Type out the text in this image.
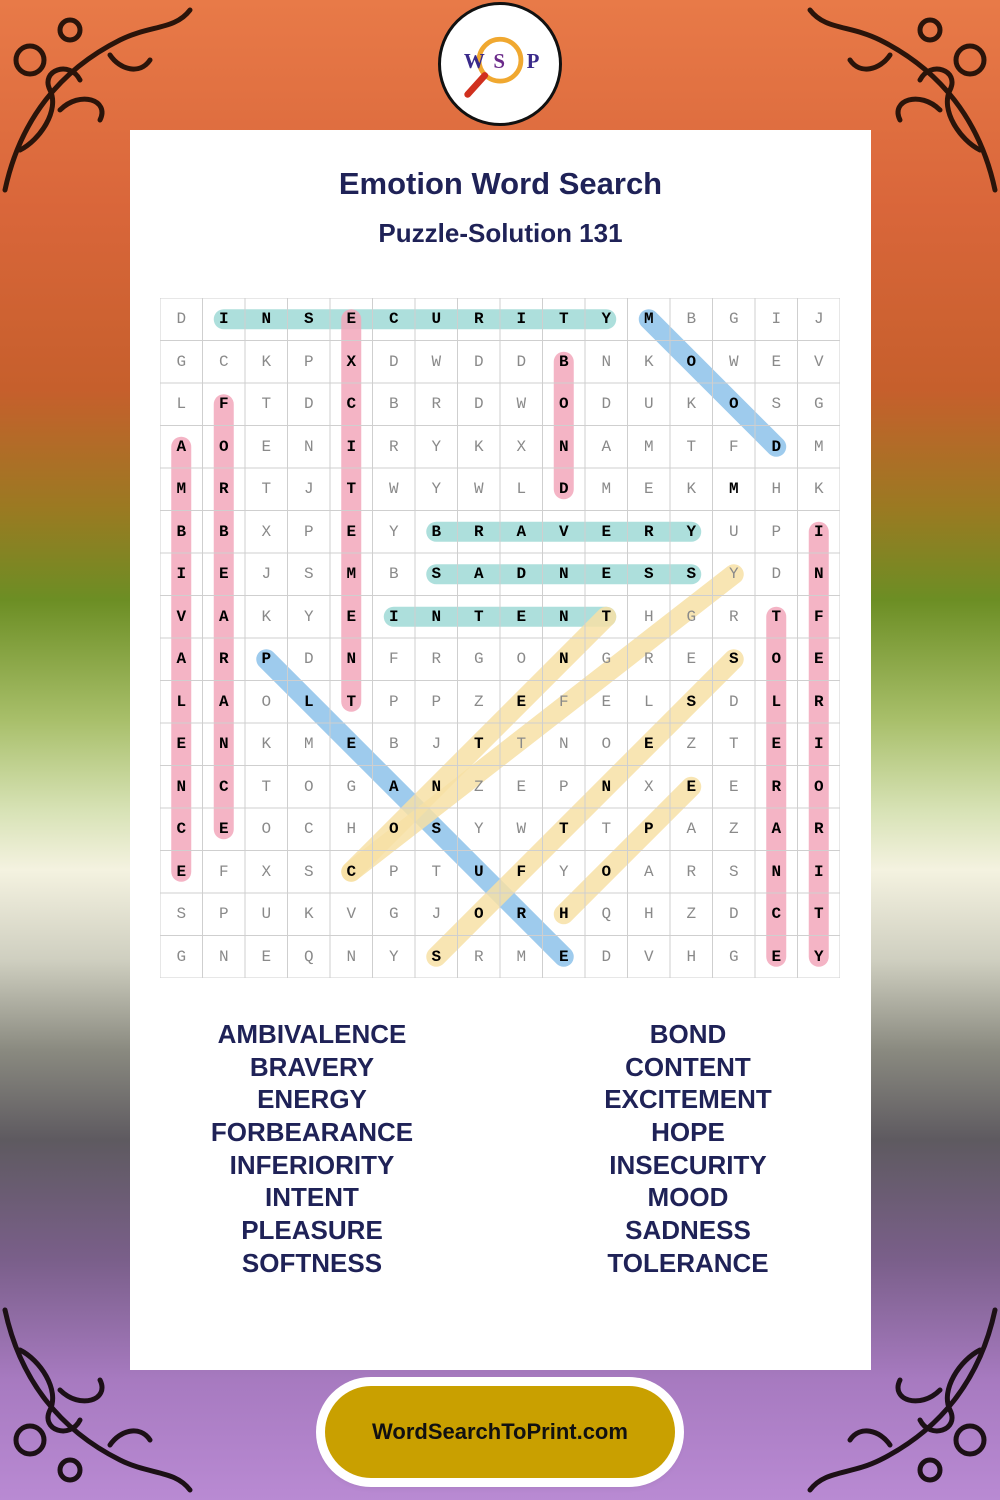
W S P
Emotion Word Search
Puzzle-Solution 131
D	I	N	S	E	C	U	R	I	T	Y	M	B	G	I	J
G	C	K	P	X	D	W	D	D	B	N	K	O	W	E	V
L	F	T	D	C	B	R	D	W	O	D	U	K	O	S	G
A	O	E	N	I	R	Y	K	X	N	A	M	T	F	D	M
M	R	T	J	T	W	Y	W	L	D	M	E	K	M	H	K
B	B	X	P	E	Y	B	R	A	V	E	R	Y	U	P	I
I	E	J	S	M	B	S	A	D	N	E	S	S	Y	D	N
V	A	K	Y	E	I	N	T	E	N	T	H	G	R	T	F
A	R	P	D	N	F	R	G	O	N	G	R	E	S	O	E
L	A	O	L	T	P	P	Z	E	F	E	L	S	D	L	R
E	N	K	M	E	B	J	T	T	N	O	E	Z	T	E	I
N	C	T	O	G	A	N	Z	E	P	N	X	E	E	R	O
C	E	O	C	H	O	S	Y	W	T	T	P	A	Z	A	R
E	F	X	S	C	P	T	U	F	Y	O	A	R	S	N	I
S	P	U	K	V	G	J	O	R	H	Q	H	Z	D	C	T
G	N	E	Q	N	Y	S	R	M	E	D	V	H	G	E	Y
AMBIVALENCE
BRAVERY
ENERGY
FORBEARANCE
INFERIORITY
INTENT
PLEASURE
SOFTNESS
BOND
CONTENT
EXCITEMENT
HOPE
INSECURITY
MOOD
SADNESS
TOLERANCE
WordSearchToPrint.com
